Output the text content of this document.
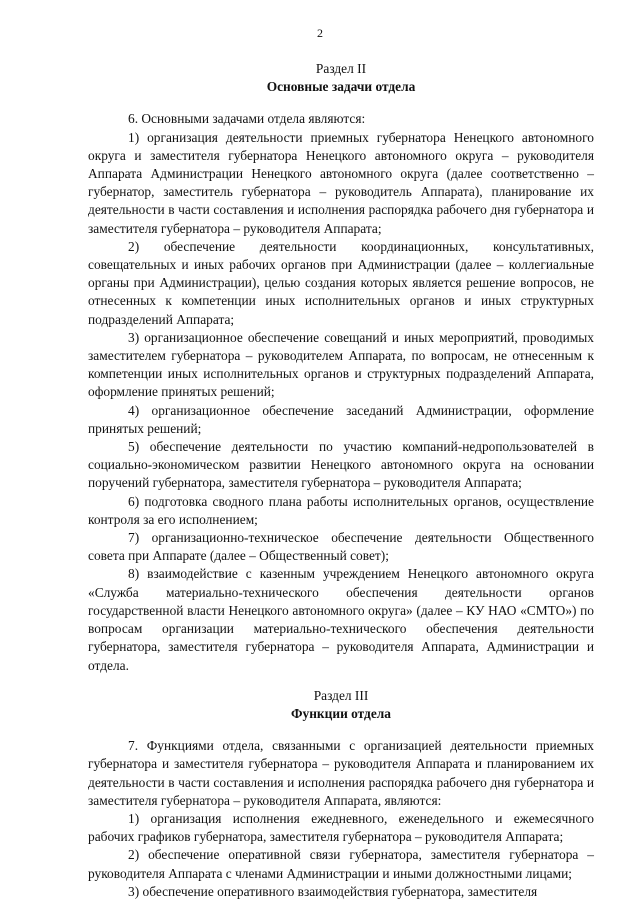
2
Раздел II
Основные задачи отдела

6. Основными задачами отдела являются:

1) организация деятельности приемных губернатора Ненецкого автономного округа и заместителя губернатора Ненецкого автономного округа – руководителя Аппарата Администрации Ненецкого автономного округа (далее соответственно – губернатор, заместитель губернатора – руководитель Аппарата), планирование их деятельности в части составления и исполнения распорядка рабочего дня губернатора и заместителя губернатора – руководителя Аппарата;

2) обеспечение деятельности координационных, консультативных, совещательных и иных рабочих органов при Администрации (далее – коллегиальные органы при Администрации), целью создания которых является решение вопросов, не отнесенных к компетенции иных исполнительных органов и иных структурных подразделений Аппарата;

3) организационное обеспечение совещаний и иных мероприятий, проводимых заместителем губернатора – руководителем Аппарата, по вопросам, не отнесенным к компетенции иных исполнительных органов и структурных подразделений Аппарата, оформление принятых решений;

4) организационное обеспечение заседаний Администрации, оформление принятых решений;

5) обеспечение деятельности по участию компаний-недропользователей в социально-экономическом развитии Ненецкого автономного округа на основании поручений губернатора, заместителя губернатора – руководителя Аппарата;

6) подготовка сводного плана работы исполнительных органов, осуществление контроля за его исполнением;

7) организационно-техническое обеспечение деятельности Общественного совета при Аппарате (далее – Общественный совет);

8) взаимодействие с казенным учреждением Ненецкого автономного округа «Служба материально-технического обеспечения деятельности органов государственной власти Ненецкого автономного округа» (далее – КУ НАО «СМТО») по вопросам организации материально-технического обеспечения деятельности губернатора, заместителя губернатора – руководителя Аппарата, Администрации и отдела.

Раздел III
Функции отдела

7. Функциями отдела, связанными с организацией деятельности приемных губернатора и заместителя губернатора – руководителя Аппарата и планированием их деятельности в части составления и исполнения распорядка рабочего дня губернатора и заместителя губернатора – руководителя Аппарата, являются:

1) организация исполнения ежедневного, еженедельного и ежемесячного рабочих графиков губернатора, заместителя губернатора – руководителя Аппарата;

2) обеспечение оперативной связи губернатора, заместителя губернатора – руководителя Аппарата с членами Администрации и иными должностными лицами;

3) обеспечение оперативного взаимодействия губернатора, заместителя
